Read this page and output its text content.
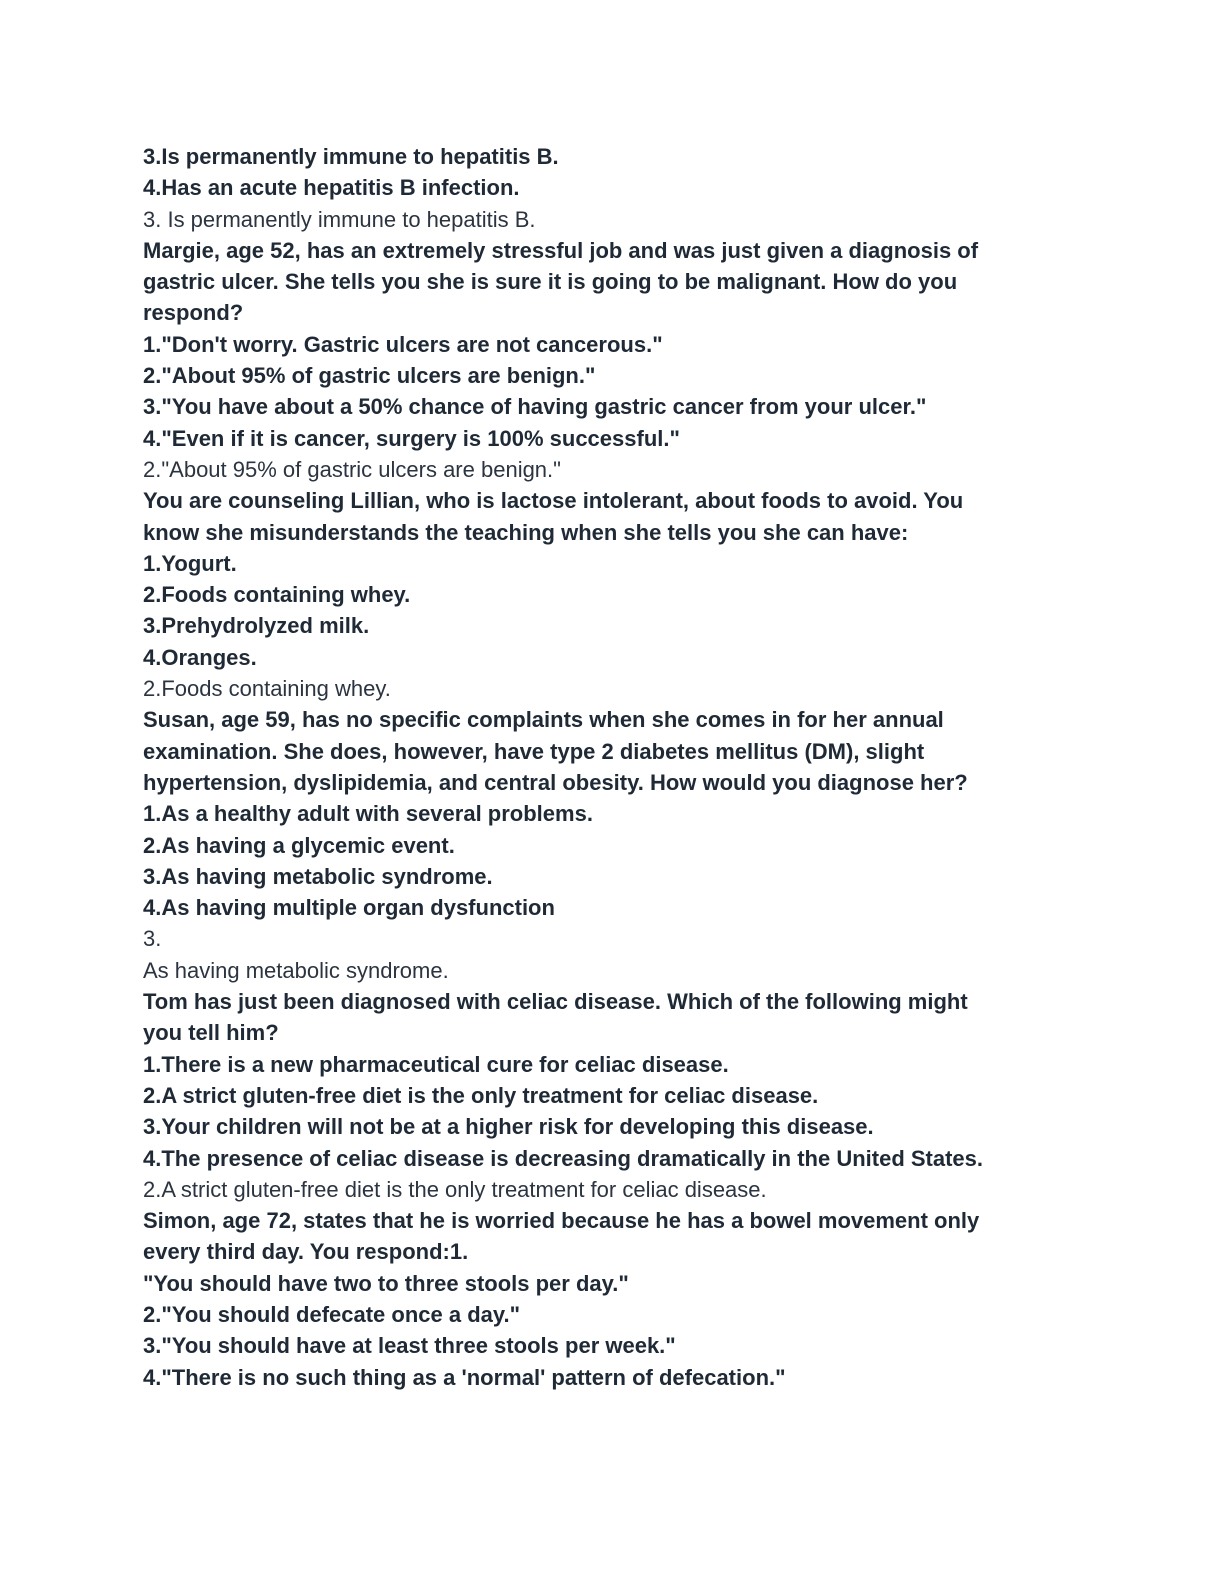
3.Is permanently immune to hepatitis B.
4.Has an acute hepatitis B infection.
3. Is permanently immune to hepatitis B.
Margie, age 52, has an extremely stressful job and was just given a diagnosis of
gastric ulcer. She tells you she is sure it is going to be malignant. How do you
respond?
1."Don't worry. Gastric ulcers are not cancerous."
2."About 95% of gastric ulcers are benign."
3."You have about a 50% chance of having gastric cancer from your ulcer."
4."Even if it is cancer, surgery is 100% successful."
2."About 95% of gastric ulcers are benign."
You are counseling Lillian, who is lactose intolerant, about foods to avoid. You
know she misunderstands the teaching when she tells you she can have:
1.Yogurt.
2.Foods containing whey.
3.Prehydrolyzed milk.
4.Oranges.
2.Foods containing whey.
Susan, age 59, has no specific complaints when she comes in for her annual
examination. She does, however, have type 2 diabetes mellitus (DM), slight
hypertension, dyslipidemia, and central obesity. How would you diagnose her?
1.As a healthy adult with several problems.
2.As having a glycemic event.
3.As having metabolic syndrome.
4.As having multiple organ dysfunction
3.
As having metabolic syndrome.
Tom has just been diagnosed with celiac disease. Which of the following might
you tell him?
1.There is a new pharmaceutical cure for celiac disease.
2.A strict gluten-free diet is the only treatment for celiac disease.
3.Your children will not be at a higher risk for developing this disease.
4.The presence of celiac disease is decreasing dramatically in the United States.
2.A strict gluten-free diet is the only treatment for celiac disease.
Simon, age 72, states that he is worried because he has a bowel movement only
every third day. You respond:1.
"You should have two to three stools per day."
2."You should defecate once a day."
3."You should have at least three stools per week."
4."There is no such thing as a 'normal' pattern of defecation."
